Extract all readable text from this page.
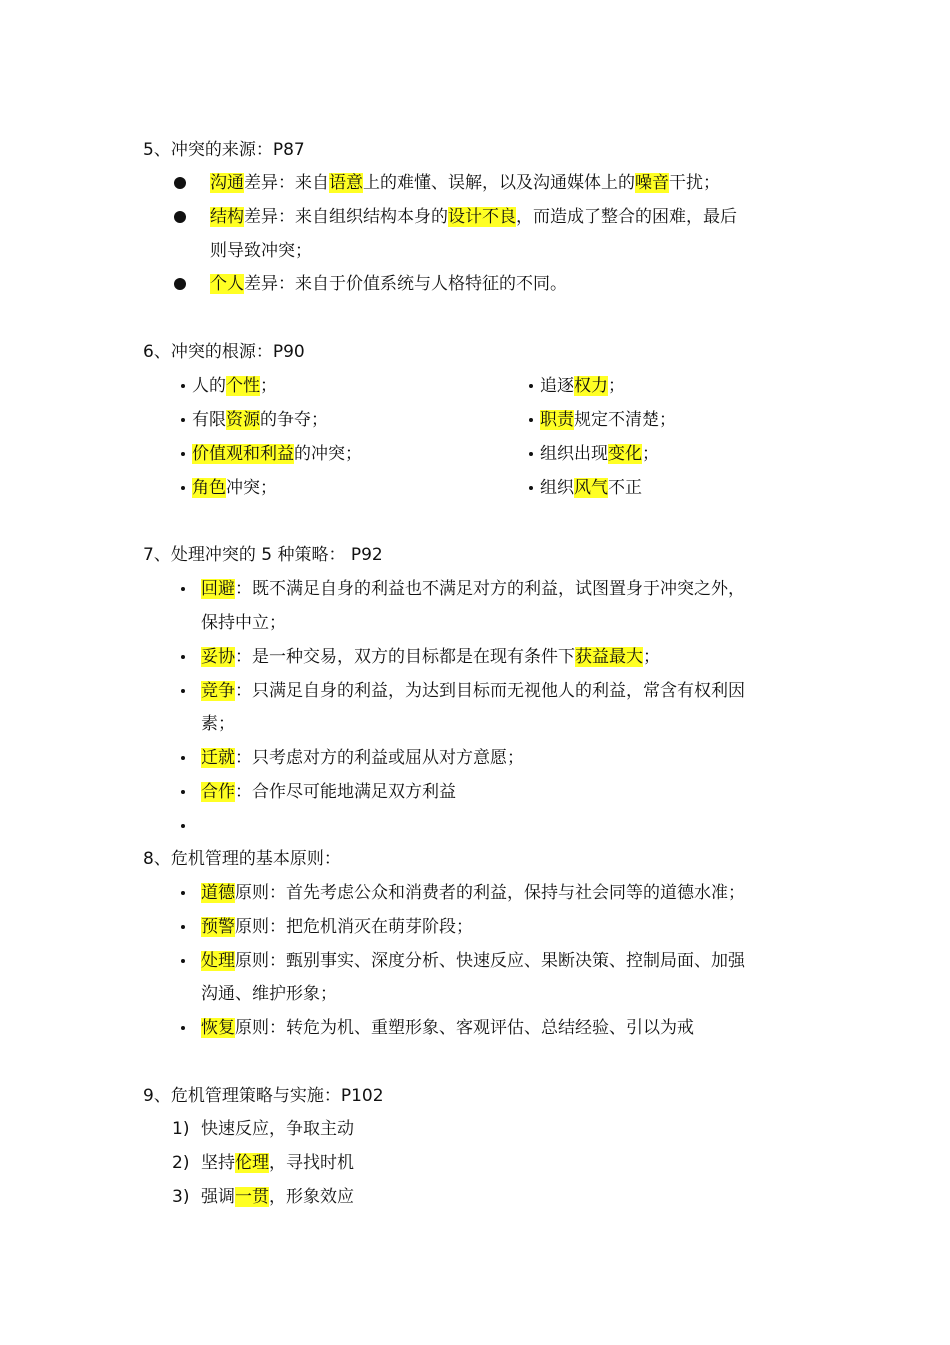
5、冲突的来源：P87
沟通差异：来自语意上的难懂、误解，以及沟通媒体上的噪音干扰；
结构差异：来自组织结构本身的设计不良，而造成了整合的困难，最后
则导致冲突；
个人差异：来自于价值系统与人格特征的不同。
6、冲突的根源：P90
人的个性；
有限资源的争夺；
价值观和利益的冲突；
角色冲突；
追逐权力；
职责规定不清楚；
组织出现变化；
组织风气不正
7、处理冲突的 5 种策略： P92
回避：既不满足自身的利益也不满足对方的利益，试图置身于冲突之外，
保持中立；
妥协：是一种交易，双方的目标都是在现有条件下获益最大；
竞争：只满足自身的利益，为达到目标而无视他人的利益，常含有权利因
素；
迁就：只考虑对方的利益或屈从对方意愿；
合作：合作尽可能地满足双方利益
8、危机管理的基本原则：
道德原则：首先考虑公众和消费者的利益，保持与社会同等的道德水准；
预警原则：把危机消灭在萌芽阶段；
处理原则：甄别事实、深度分析、快速反应、果断决策、控制局面、加强
沟通、维护形象；
恢复原则：转危为机、重塑形象、客观评估、总结经验、引以为戒
9、危机管理策略与实施：P102
1) 快速反应，争取主动
2) 坚持伦理，寻找时机
3) 强调一贯，形象效应
